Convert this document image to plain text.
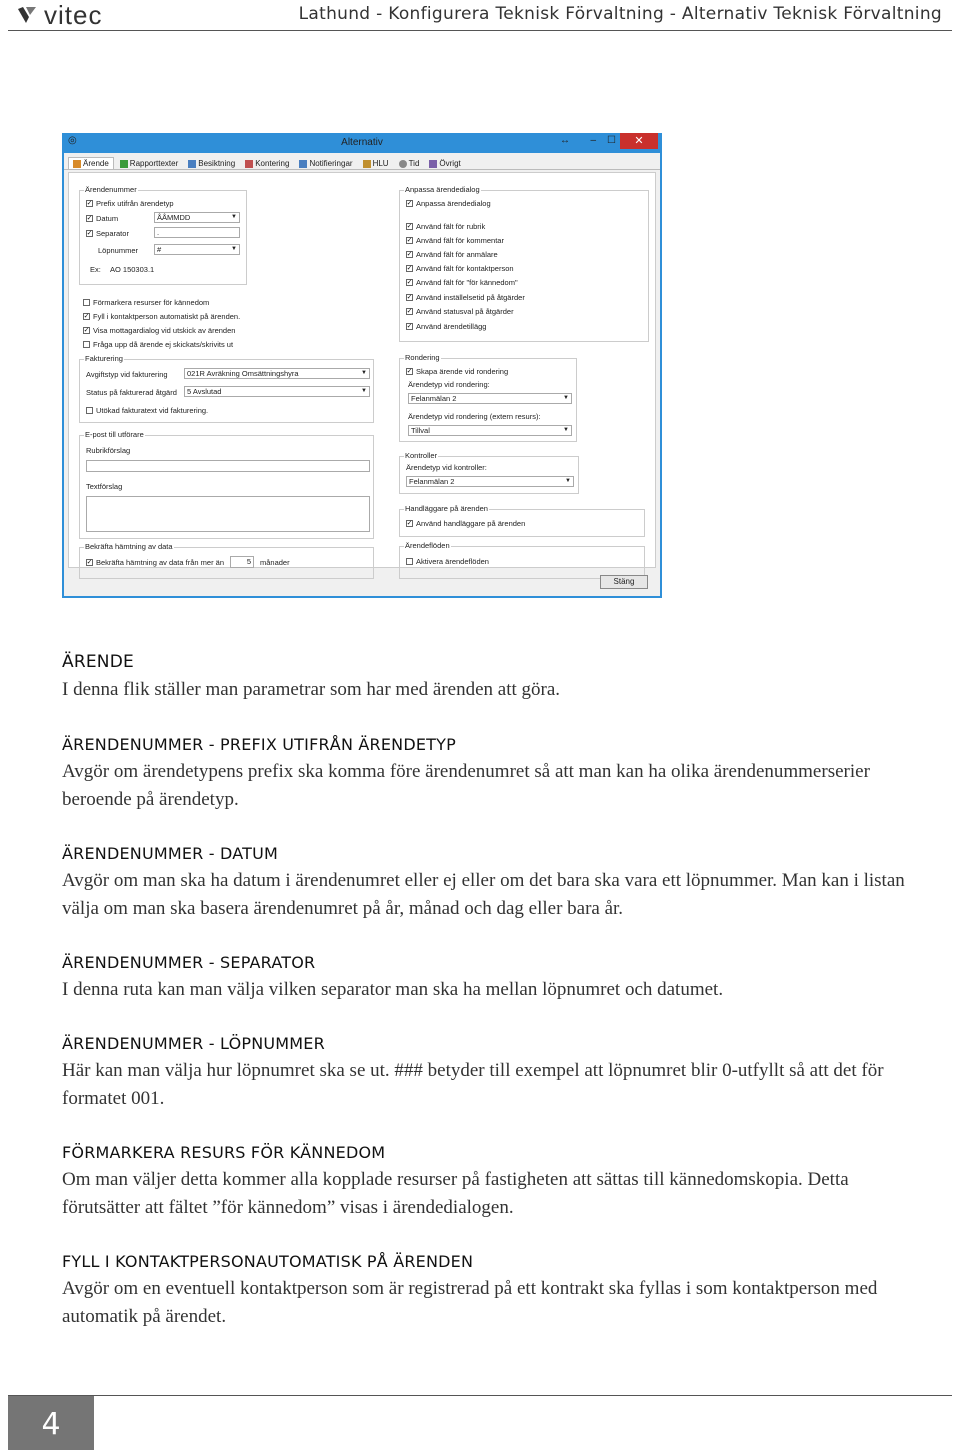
vitec	Lathund - Konfigurera Teknisk Förvaltning - Alternativ Teknisk Förvaltning
◎	Alternativ	↔ – ☐	✕
Ärende	Rapporttexter	Besiktning	Kontering	Notifieringar	HLU	Tid	Övrigt
Ärendenummer
✓ Prefix utifrån ärendetyp
✓ Datum	ÅÅMMDD	▼
✓ Separator	.
Löpnummer	#	▼
Ex: AO 150303.1
Förmarkera resurser för kännedom
✓ Fyll i kontaktperson automatiskt på ärenden.
✓ Visa mottagardialog vid utskick av ärenden
Fråga upp då ärende ej skickats/skrivits ut
Fakturering
Avgiftstyp vid fakturering	021R Avräkning Omsättningshyra	▼
Status på fakturerad åtgärd	5 Avslutad	▼
Utökad fakturatext vid fakturering.
E-post till utförare
Rubrikförslag
Textförslag
Bekräfta hämtning av data
✓ Bekräfta hämtning av data från mer än	5	månader
Anpassa ärendedialog
✓ Anpassa ärendedialog
✓ Använd fält för rubrik
✓ Använd fält för kommentar
✓ Använd fält för anmälare
✓ Använd fält för kontaktperson
✓ Använd fält för "för kännedom"
✓ Använd inställelsetid på åtgärder
✓ Använd statusval på åtgärder
✓ Använd ärendetillägg
Rondering
✓ Skapa ärende vid rondering
Ärendetyp vid rondering:
Felanmälan 2	▼
Ärendetyp vid rondering (extern resurs):
Tillval	▼
Kontroller
Ärendetyp vid kontroller:
Felanmälan 2	▼
Handläggare på ärenden
✓ Använd handläggare på ärenden
Ärendeflöden
Aktivera ärendeflöden
Stäng
ÄRENDE
I denna flik ställer man parametrar som har med ärenden att göra.
ÄRENDENUMMER - PREFIX UTIFRÅN ÄRENDETYP
Avgör om ärendetypens prefix ska komma före ärendenumret så att man kan ha olika ärendenummerserier beroende på ärendetyp.
ÄRENDENUMMER - DATUM
Avgör om man ska ha datum i ärendenumret eller ej eller om det bara ska vara ett löpnummer. Man kan i listan välja om man ska basera ärendenumret på år, månad och dag eller bara år.
ÄRENDENUMMER - SEPARATOR
I denna ruta kan man välja vilken separator man ska ha mellan löpnumret och datumet.
ÄRENDENUMMER - LÖPNUMMER
Här kan man välja hur löpnumret ska se ut. ### betyder till exempel att löpnumret blir 0-utfyllt så att det för formatet 001.
FÖRMARKERA RESURS FÖR KÄNNEDOM
Om man väljer detta kommer alla kopplade resurser på fastigheten att sättas till kännedomskopia. Detta förutsätter att fältet ”för kännedom” visas i ärendedialogen.
FYLL I KONTAKTPERSONAUTOMATISK PÅ ÄRENDEN
Avgör om en eventuell kontaktperson som är registrerad på ett kontrakt ska fyllas i som kontaktperson med automatik på ärendet.
4
